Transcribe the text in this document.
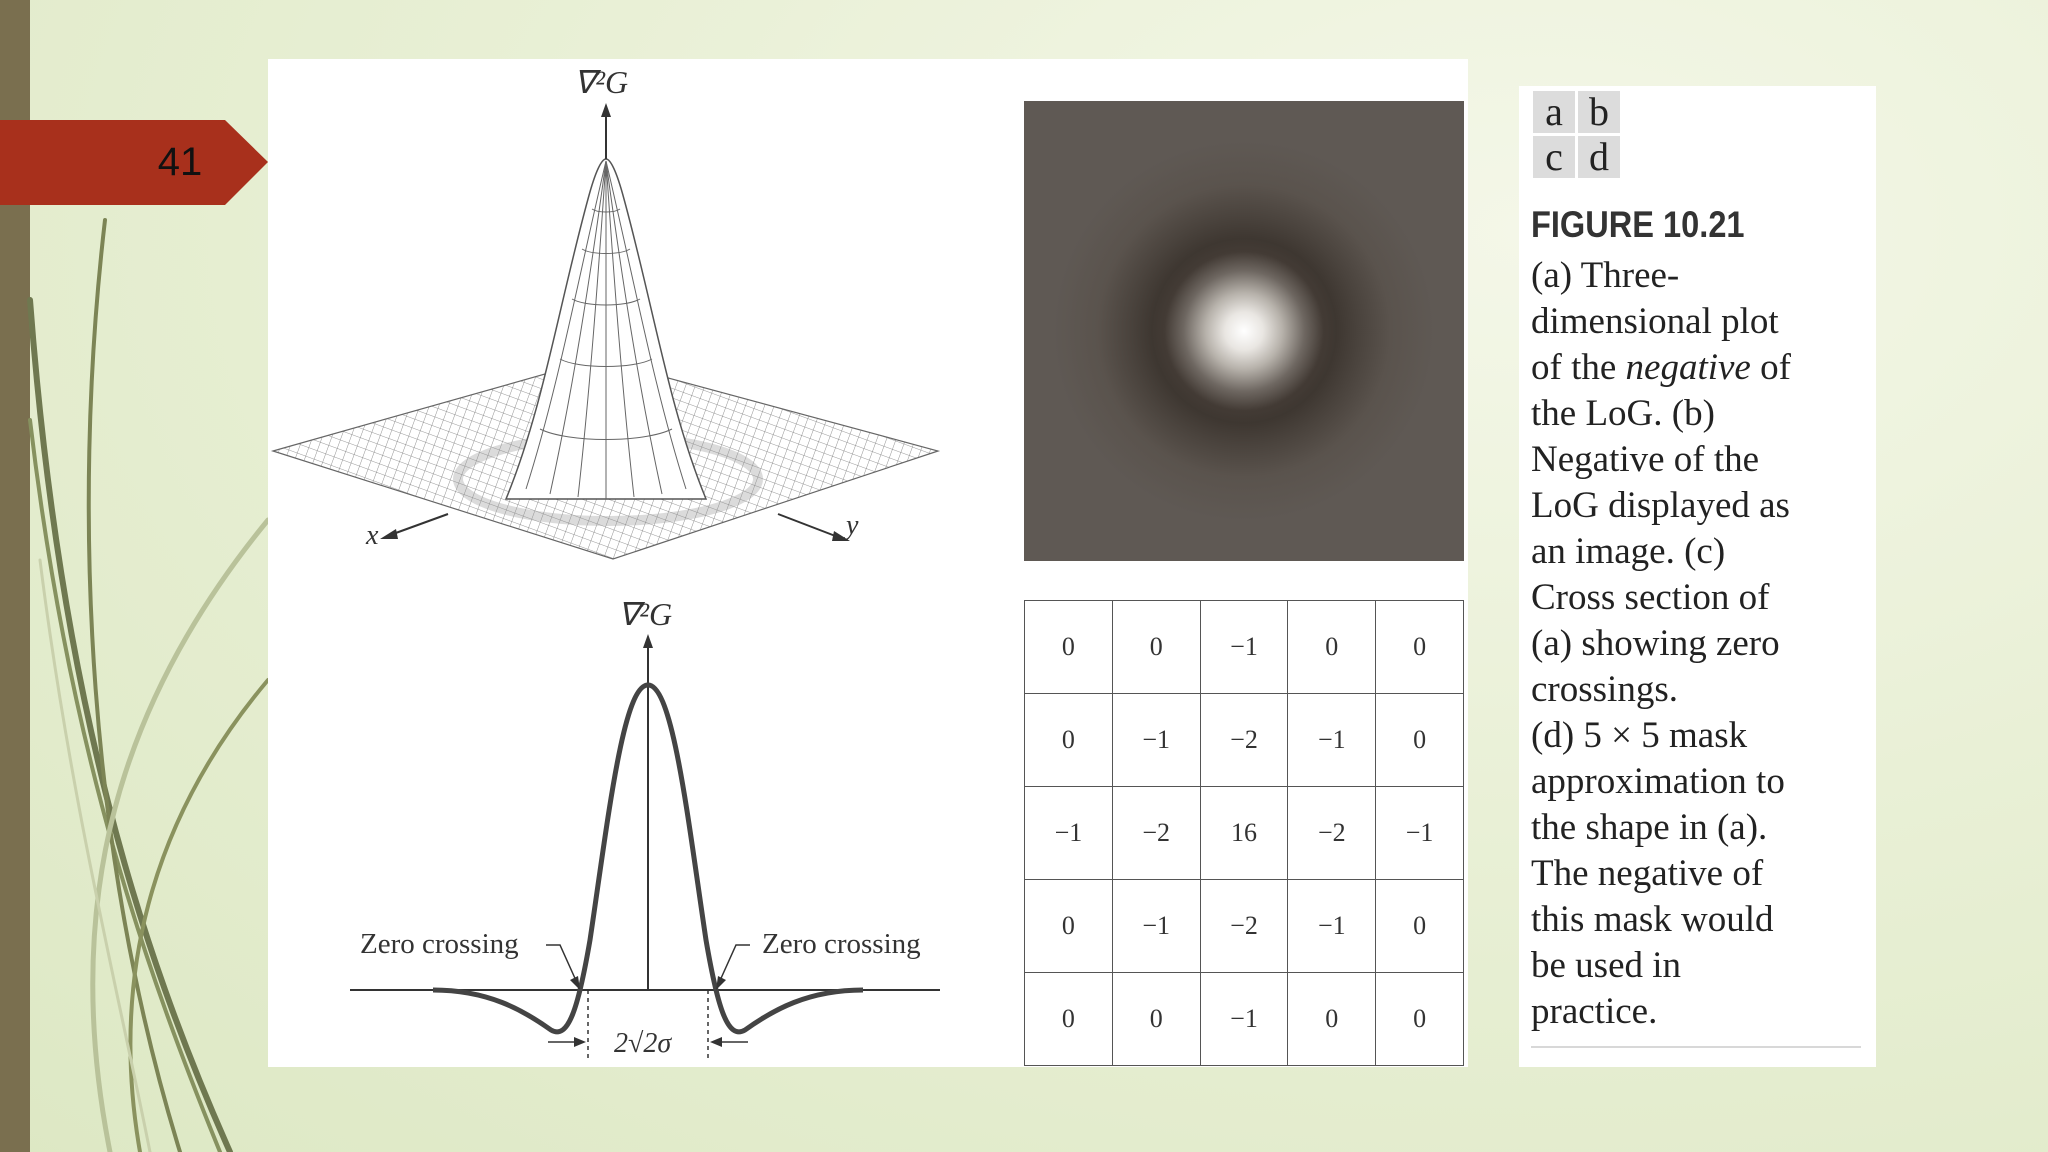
41
∇²G
x	y
∇²G
Zero crossing	Zero crossing
2√2σ
0	0	−1	0	0
0	−1	−2	−1	0
−1	−2	16	−2	−1
0	−1	−2	−1	0
0	0	−1	0	0
a	b
c	d
FIGURE 10.21
(a) Three-
dimensional plot
of the negative of
the LoG. (b)
Negative of the
LoG displayed as
an image. (c)
Cross section of
(a) showing zero
crossings.
(d) 5 × 5 mask
approximation to
the shape in (a).
The negative of
this mask would
be used in
practice.
